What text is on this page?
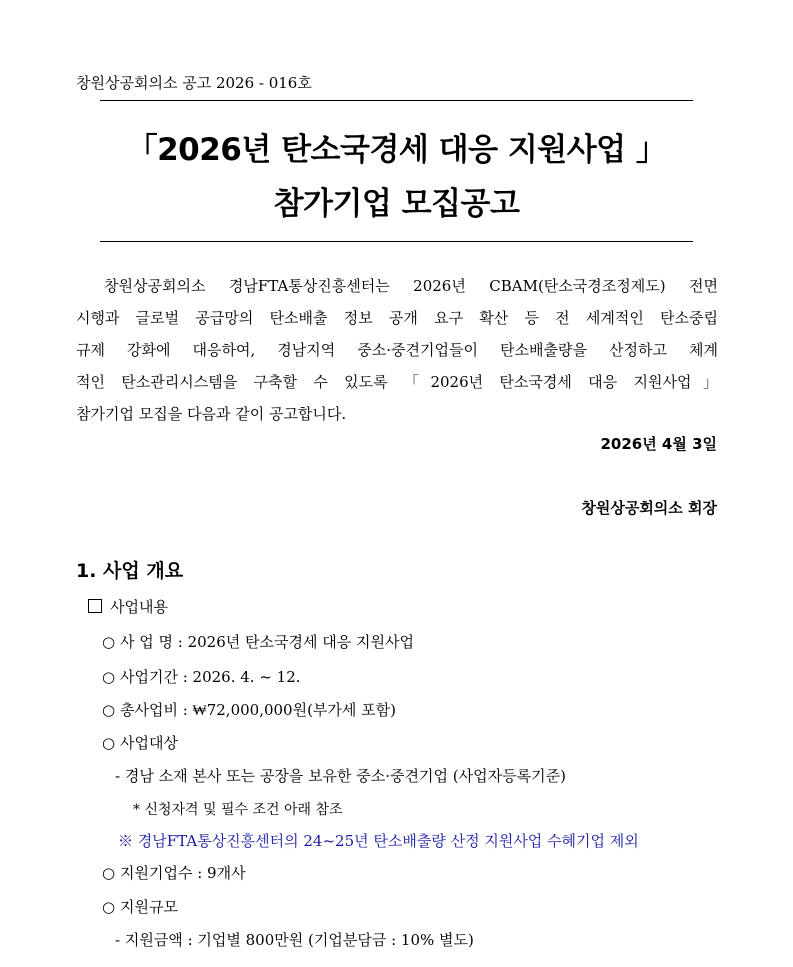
창원상공회의소 공고 2026 - 016호
「2026년 탄소국경세 대응 지원사업 」
참가기업 모집공고
창원상공회의소 경남FTA통상진흥센터는 2026년 CBAM(탄소국경조정제도) 전면
시행과 글로벌 공급망의 탄소배출 정보 공개 요구 확산 등 전 세계적인 탄소중립
규제 강화에 대응하여, 경남지역 중소·중견기업들이 탄소배출량을 산정하고 체계
적인 탄소관리시스템을 구축할 수 있도록 「2026년 탄소국경세 대응 지원사업」
참가기업 모집을 다음과 같이 공고합니다.
2026년 4월 3일
창원상공회의소 회장
1. 사업 개요
사업내용
○ 사 업 명 : 2026년 탄소국경세 대응 지원사업
○ 사업기간 : 2026. 4. ~ 12.
○ 총사업비 : ₩72,000,000원(부가세 포함)
○ 사업대상
- 경남 소재 본사 또는 공장을 보유한 중소·중견기업 (사업자등록기준)
* 신청자격 및 필수 조건 아래 참조
※ 경남FTA통상진흥센터의 24~25년 탄소배출량 산정 지원사업 수혜기업 제외
○ 지원기업수 : 9개사
○ 지원규모
- 지원금액 : 기업별 800만원 (기업분담금 : 10% 별도)
